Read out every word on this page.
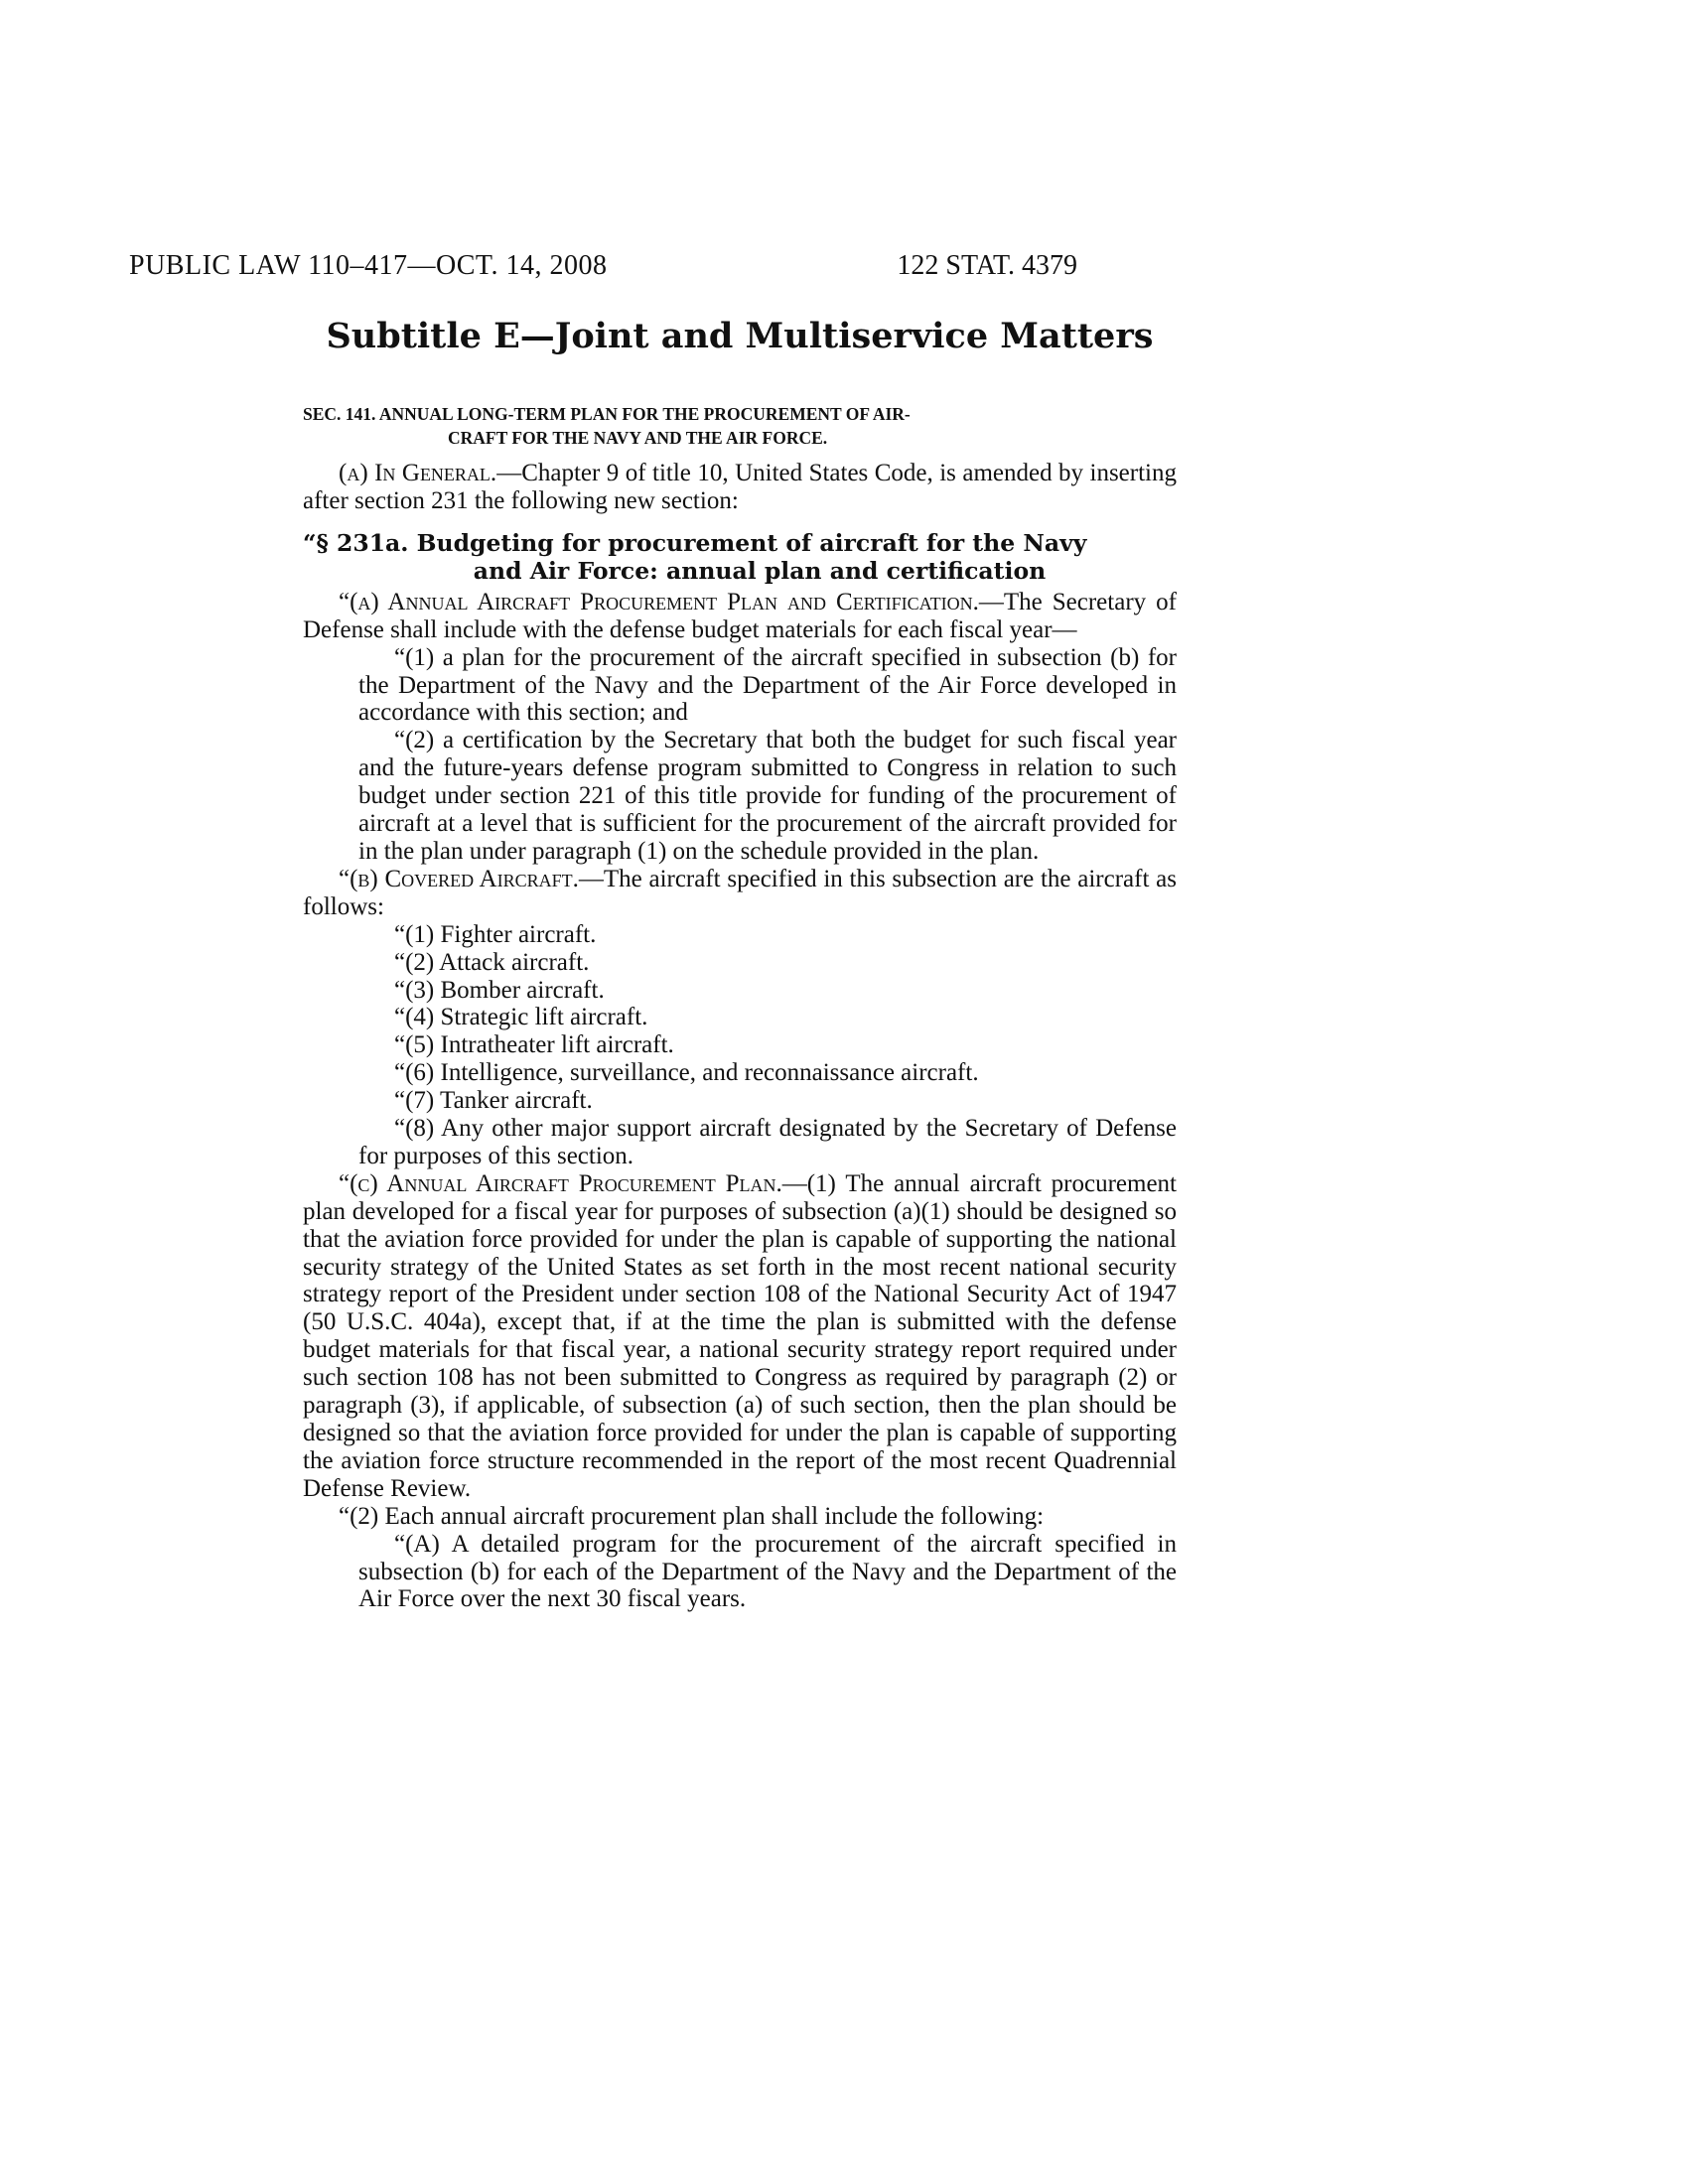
PUBLIC LAW 110–417—OCT. 14, 2008	122 STAT. 4379
Subtitle E—Joint and Multiservice Matters
SEC. 141. ANNUAL LONG-TERM PLAN FOR THE PROCUREMENT OF AIR-
CRAFT FOR THE NAVY AND THE AIR FORCE.

(a) In General.—Chapter 9 of title 10, United States Code, is amended by inserting after section 231 the following new section:

“§ 231a. Budgeting for procurement of aircraft for the Navy
and Air Force: annual plan and certification

“(a) Annual Aircraft Procurement Plan and Certification.—The Secretary of Defense shall include with the defense budget materials for each fiscal year—

“(1) a plan for the procurement of the aircraft specified in subsection (b) for the Department of the Navy and the Department of the Air Force developed in accordance with this section; and

“(2) a certification by the Secretary that both the budget for such fiscal year and the future-years defense program submitted to Congress in relation to such budget under section 221 of this title provide for funding of the procurement of aircraft at a level that is sufficient for the procurement of the aircraft provided for in the plan under paragraph (1) on the schedule provided in the plan.

“(b) Covered Aircraft.—The aircraft specified in this subsection are the aircraft as follows:

“(1) Fighter aircraft.

“(2) Attack aircraft.

“(3) Bomber aircraft.

“(4) Strategic lift aircraft.

“(5) Intratheater lift aircraft.

“(6) Intelligence, surveillance, and reconnaissance aircraft.

“(7) Tanker aircraft.

“(8) Any other major support aircraft designated by the Secretary of Defense for purposes of this section.

“(c) Annual Aircraft Procurement Plan.—(1) The annual aircraft procurement plan developed for a fiscal year for purposes of subsection (a)(1) should be designed so that the aviation force provided for under the plan is capable of supporting the national security strategy of the United States as set forth in the most recent national security strategy report of the President under section 108 of the National Security Act of 1947 (50 U.S.C. 404a), except that, if at the time the plan is submitted with the defense budget materials for that fiscal year, a national security strategy report required under such section 108 has not been submitted to Congress as required by paragraph (2) or paragraph (3), if applicable, of subsection (a) of such section, then the plan should be designed so that the aviation force provided for under the plan is capable of supporting the aviation force structure recommended in the report of the most recent Quadrennial Defense Review.

“(2) Each annual aircraft procurement plan shall include the following:

“(A) A detailed program for the procurement of the aircraft specified in subsection (b) for each of the Department of the Navy and the Department of the Air Force over the next 30 fiscal years.
